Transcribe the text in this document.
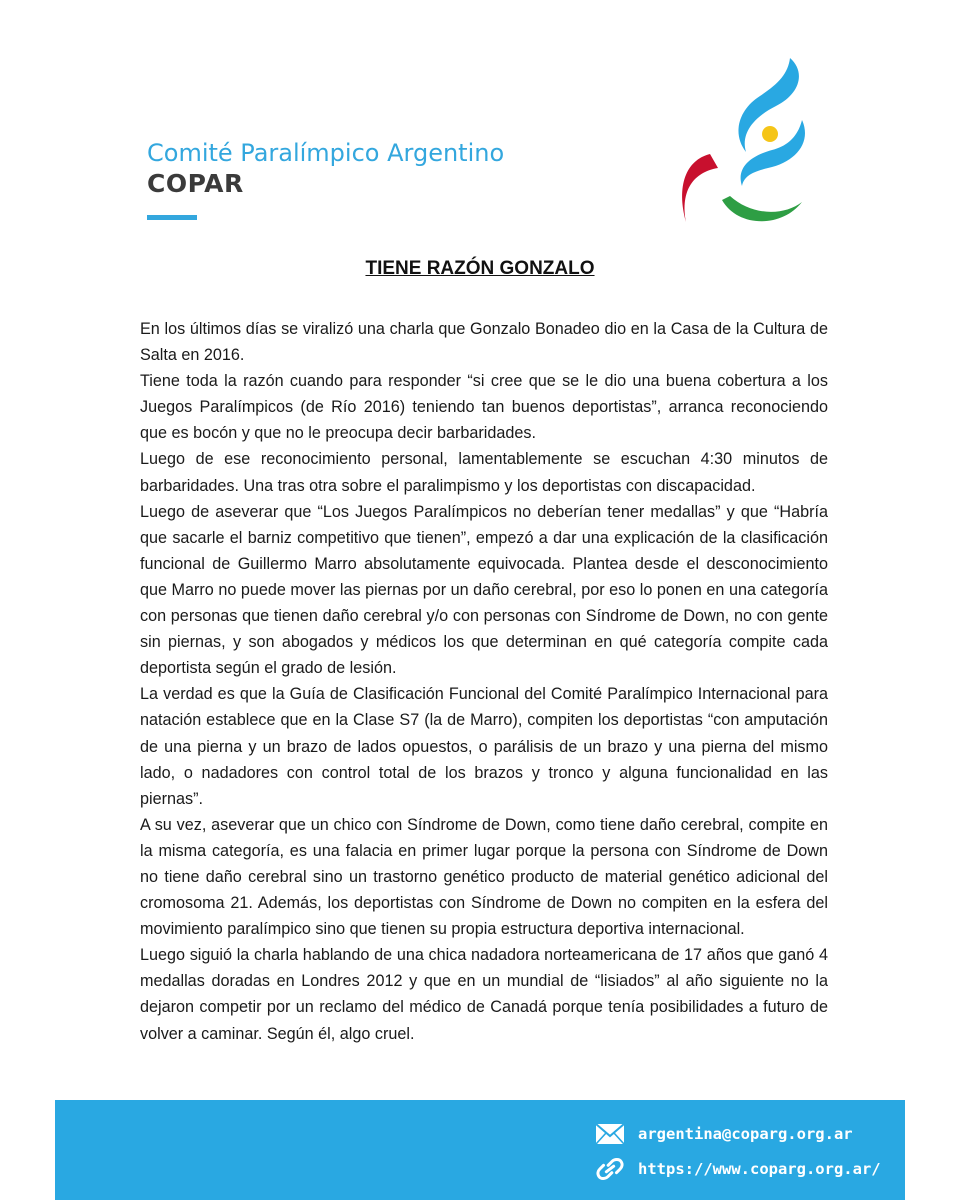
Comité Paralímpico Argentino
COPAR
TIENE RAZÓN GONZALO

En los últimos días se viralizó una charla que Gonzalo Bonadeo dio en la Casa de la Cultura de Salta en 2016.

Tiene toda la razón cuando para responder “si cree que se le dio una buena cobertura a los Juegos Paralímpicos (de Río 2016) teniendo tan buenos deportistas”, arranca reconociendo que es bocón y que no le preocupa decir barbaridades.

Luego de ese reconocimiento personal, lamentablemente se escuchan 4:30 minutos de barbaridades. Una tras otra sobre el paralimpismo y los deportistas con discapacidad.

Luego de aseverar que “Los Juegos Paralímpicos no deberían tener medallas” y que “Habría que sacarle el barniz competitivo que tienen”, empezó a dar una explicación de la clasificación funcional de Guillermo Marro absolutamente equivocada. Plantea desde el desconocimiento que Marro no puede mover las piernas por un daño cerebral, por eso lo ponen en una categoría con personas que tienen daño cerebral y/o con personas con Síndrome de Down, no con gente sin piernas, y son abogados y médicos los que determinan en qué categoría compite cada deportista según el grado de lesión.

La verdad es que la Guía de Clasificación Funcional del Comité Paralímpico Internacional para natación establece que en la Clase S7 (la de Marro), compiten los deportistas “con amputación de una pierna y un brazo de lados opuestos, o parálisis de un brazo y una pierna del mismo lado, o nadadores con control total de los brazos y tronco y alguna funcionalidad en las piernas”.

A su vez, aseverar que un chico con Síndrome de Down, como tiene daño cerebral, compite en la misma categoría, es una falacia en primer lugar porque la persona con Síndrome de Down no tiene daño cerebral sino un trastorno genético producto de material genético adicional del cromosoma 21. Además, los deportistas con Síndrome de Down no compiten en la esfera del movimiento paralímpico sino que tienen su propia estructura deportiva internacional.

Luego siguió la charla hablando de una chica nadadora norteamericana de 17 años que ganó 4 medallas doradas en Londres 2012 y que en un mundial de “lisiados” al año siguiente no la dejaron competir por un reclamo del médico de Canadá porque tenía posibilidades a futuro de volver a caminar. Según él, algo cruel.

argentina@coparg.org.ar
https://www.coparg.org.ar/
